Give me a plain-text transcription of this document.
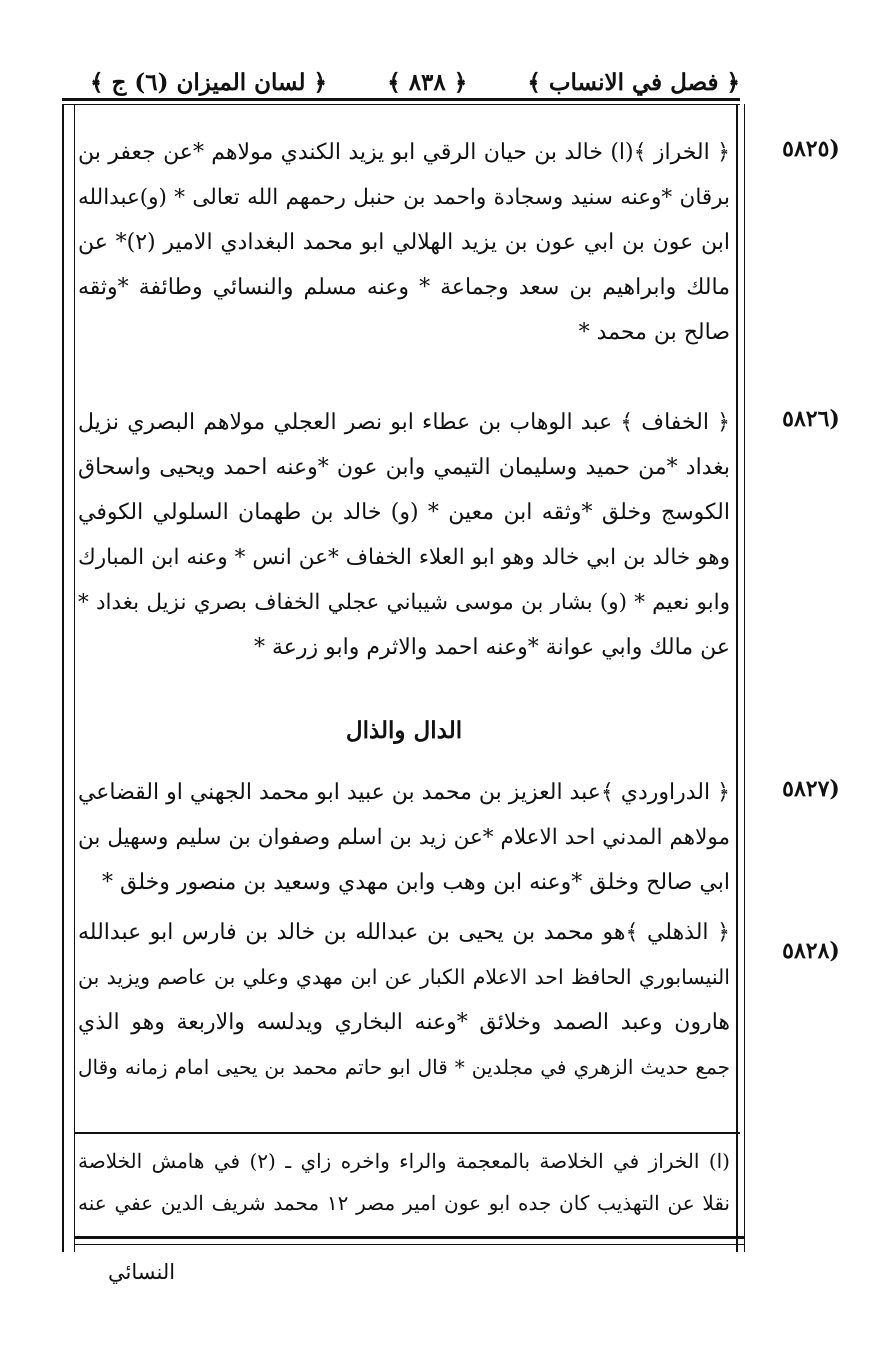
﴿ لسان الميزان (٦) ج ﴾	﴿ ٨٣٨ ﴾	﴿ فصل في الانساب ﴾
(٥٨٢٥
﴿ الخراز ﴾(ا) خالد بن حيان الرقي ابو يزيد الكندي مولاهم *عن جعفر بن
برقان *وعنه سنيد وسجادة واحمد بن حنبل رحمهم الله تعالى * (و)عبدالله
ابن عون بن ابي عون بن يزيد الهلالي ابو محمد البغدادي الامير (٢)* عن
مالك وابراهيم بن سعد وجماعة * وعنه مسلم والنسائي وطائفة *وثقه
صالح بن محمد *
(٥٨٢٦
﴿ الخفاف ﴾ عبد الوهاب بن عطاء ابو نصر العجلي مولاهم البصري نزيل
بغداد *من حميد وسليمان التيمي وابن عون *وعنه احمد ويحيى واسحاق
الكوسج وخلق *وثقه ابن معين * (و) خالد بن طهمان السلولي الكوفي
وهو خالد بن ابي خالد وهو ابو العلاء الخفاف *عن انس * وعنه ابن المبارك
وابو نعيم * (و) بشار بن موسى شيباني عجلي الخفاف بصري نزيل بغداد *
عن مالك وابي عوانة *وعنه احمد والاثرم وابو زرعة *
الدال والذال
(٥٨٢٧
﴿ الدراوردي ﴾عبد العزيز بن محمد بن عبيد ابو محمد الجهني او القضاعي
مولاهم المدني احد الاعلام *عن زيد بن اسلم وصفوان بن سليم وسهيل بن
ابي صالح وخلق *وعنه ابن وهب وابن مهدي وسعيد بن منصور وخلق *
(٥٨٢٨
﴿ الذهلي ﴾هو محمد بن يحيى بن عبدالله بن خالد بن فارس ابو عبدالله
النيسابوري الحافظ احد الاعلام الكبار عن ابن مهدي وعلي بن عاصم ويزيد بن
هارون وعبد الصمد وخلائق *وعنه البخاري ويدلسه والاربعة وهو الذي
جمع حديث الزهري في مجلدين * قال ابو حاتم محمد بن يحيى امام زمانه وقال
(ا) الخراز في الخلاصة بالمعجمة والراء واخره زاي ـ (٢) في هامش الخلاصة
نقلا عن التهذيب كان جده ابو عون امير مصر ١٢ محمد شريف الدين عفي عنه
النسائي
